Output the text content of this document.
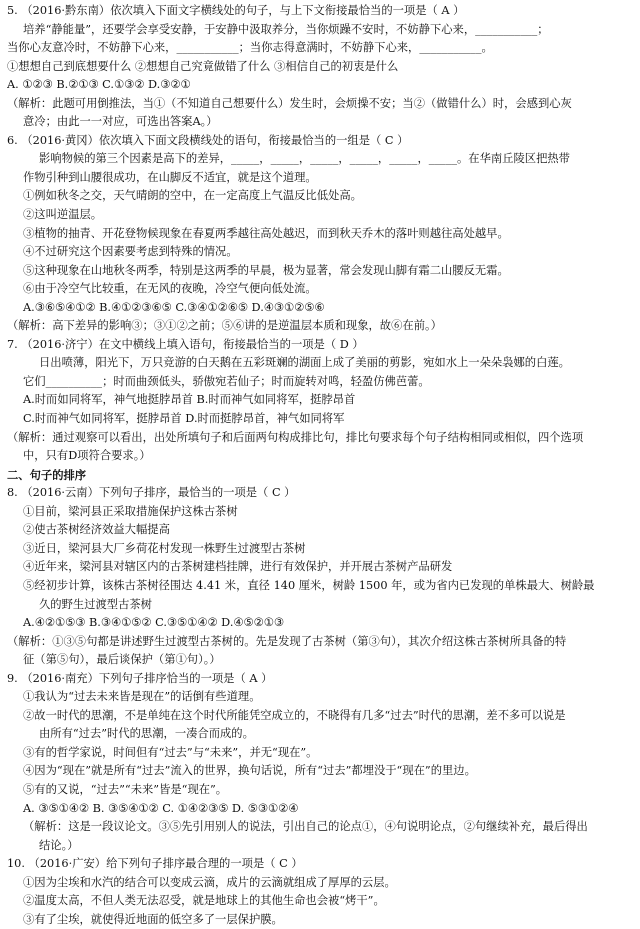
5. （2016·黔东南）依次填入下面文字横线处的句子，与上下文衔接最恰当的一项是（ A ）
培养“静能量”，还要学会享受安静，于安静中汲取养分，当你烦躁不安时，不妨静下心来，___________；
当你心友意冷时，不妨静下心来，___________；当你志得意满时，不妨静下心来，___________。
①想想自己到底想要什么 ②想想自己究竟做错了什么 ③相信自己的初衷是什么
A. ①②③ B.②①③ C.①③② D.③②①
（解析：此题可用倒推法，当①（不知道自己想要什么）发生时，会烦操不安；当②（做错什么）时，会感到心灰
意冷；由此一一对应，可选出答案A。）
6. （2016·黄冈）依次填入下面文段横线处的语句，衔接最恰当的一组是（ C ）
影响物候的第三个因素是高下的差异，_____，_____，_____，_____，_____，_____。在华南丘陵区把热带
作物引种到山腰很成功，在山脚反不适宜，就是这个道理。
①例如秋冬之交，天气晴朗的空中，在一定高度上气温反比低处高。
②这叫逆温层。
③植物的抽青、开花登物候现象在春夏两季越往高处越迟，而到秋天乔木的落叶则越往高处越早。
④不过研究这个因素要考虑到特殊的情况。
⑤这种现象在山地秋冬两季，特别是这两季的早晨，极为显著，常会发现山脚有霜二山腰反无霜。
⑥由于冷空气比较重，在无风的夜晚，冷空气便向低处流。
A.③⑥⑤④①② B.④①②③⑥⑤ C.③④①②⑥⑤ D.④③①②⑤⑥
（解析：高下差异的影响③；③①②之前；⑤⑥讲的是逆温层本质和现象，故⑥在前。）
7. （2016·济宁）在文中横线上填入语句，衔接最恰当的一项是（ D ）
日出喷薄，阳光下，万只竞游的白天鹅在五彩斑斓的湖面上成了美丽的剪影，宛如水上一朵朵袅娜的白莲。
它们__________；时而曲颈低头，骄傲宛若仙子；时而旋转对鸣，轻盈仿佛芭蕾。
A.时而如同将军，神气地挺脖昂首 B.时而神气如同将军，挺脖昂首
C.时而神气如同将军，挺脖昂首 D.时而挺脖昂首，神气如同将军
（解析：通过观察可以看出，出处所填句子和后面两句构成排比句，排比句要求每个句子结构相同或相似，四个选项
中，只有D项符合要求。）
二、句子的排序
8. （2016·云南）下列句子排序，最恰当的一项是（ C ）
①目前，梁河县正采取措施保护这株古茶树
②使古茶树经济效益大幅提高
③近日，梁河县大厂乡荷花村发现一株野生过渡型古茶树
④近年来，梁河县对辖区内的古茶树建档挂牌，进行有效保护，并开展古茶树产品研发
⑤经初步计算，该株古茶树径围达 4.41 米，直径 140 厘米，树龄 1500 年，或为省内已发现的单株最大、树龄最
久的野生过渡型古茶树
A.④②①⑤③ B.③④①⑤② C.③⑤①④② D.④⑤②①③
（解析：①③⑤句都是讲述野生过渡型古茶树的。先是发现了古茶树（第③句），其次介绍这株古茶树所具备的特
征（第⑤句），最后谈保护（第①句）。）
9. （2016·南充）下列句子排序恰当的一项是（ A ）
①我认为“过去未来皆是现在”的话倒有些道理。
②故一时代的思潮，不是单纯在这个时代所能凭空成立的，不晓得有几多“过去”时代的思潮，差不多可以说是
由所有“过去”时代的思潮，一凑合而成的。
③有的哲学家说，时间但有“过去”与“未来”，并无“现在”。
④因为“现在”就是所有“过去”流入的世界，换句话说，所有“过去”都埋没于“现在”的里边。
⑤有的又说，“过去”“未来”皆是“现在”。
A. ③⑤①④② B. ③⑤④①② C. ①④②③⑤ D. ⑤③①②④
（解析：这是一段议论文。③⑤先引用别人的说法，引出自己的论点①，④句说明论点，②句继续补充，最后得出
结论。）
10. （2016·广安）给下列句子排序最合理的一项是（ C ）
①因为尘埃和水汽的结合可以变成云滴，成片的云滴就组成了厚厚的云层。
②温度太高，不但人类无法忍受，就是地球上的其他生命也会被“烤干”。
③有了尘埃，就使得近地面的低空多了一层保护膜。
